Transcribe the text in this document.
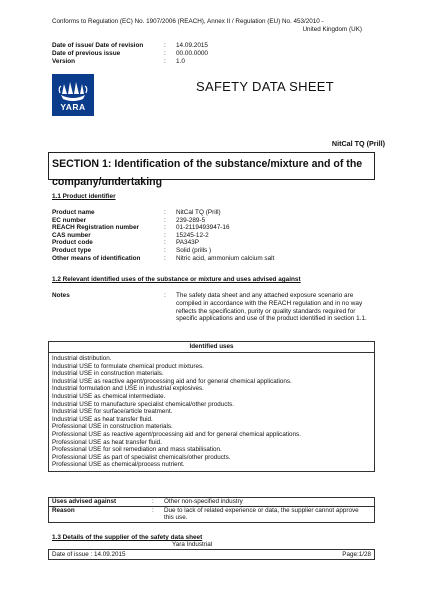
Conforms to Regulation (EC) No. 1907/2006 (REACH), Annex II / Regulation (EU) No. 453/2010 -
United Kingdom (UK)
Date of issue/ Date of revision	:	14.09.2015
Date of previous issue	:	00.00.0000
Version	:	1.0
YARA
SAFETY DATA SHEET
NitCal TQ (Prill)
SECTION 1: Identification of the substance/mixture and of the company/undertaking
1.1 Product identifier
Product name	:	NitCal TQ (Prill)
EC number	:	239-289-5
REACH Registration number	:	01-2119493947-16
CAS number	:	15245-12-2
Product code	:	PA343P
Product type	:	Solid (prills )
Other means of identification	:	Nitric acid, ammonium calcium salt
1.2 Relevant identified uses of the substance or mixture and uses advised against
Notes	:	The safety data sheet and any attached exposure scenario are compiled in accordance with the REACH regulation and in no way reflects the specification, purity or quality standards required for specific applications and use of the product identified in section 1.1.
Identified uses
Industrial distribution.
Industrial USE to formulate chemical product mixtures.
Industrial USE in construction materials.
Industrial USE as reactive agent/processing aid and for general chemical applications.
Industrial formulation and USE in industrial explosives.
Industrial USE as chemical intermediate.
Industrial USE to manufacture specialist chemical/other products.
Industrial USE for surface/article treatment.
Industrial USE as heat transfer fluid.
Professional USE in construction materials.
Professional USE as reactive agent/processing aid and for general chemical applications.
Professional USE as heat transfer fluid.
Professional USE for soil remediation and mass stabilisation.
Professional USE as part of specialist chemicals/other products.
Professional USE as chemical/process nutrient.
Uses advised against	:	Other non-specified industry
Reason	:	Due to lack of related experience or data, the supplier cannot approve this use.
1.3 Details of the supplier of the safety data sheet
Yara Industrial
Date of issue : 14.09.2015	Page:1/28
